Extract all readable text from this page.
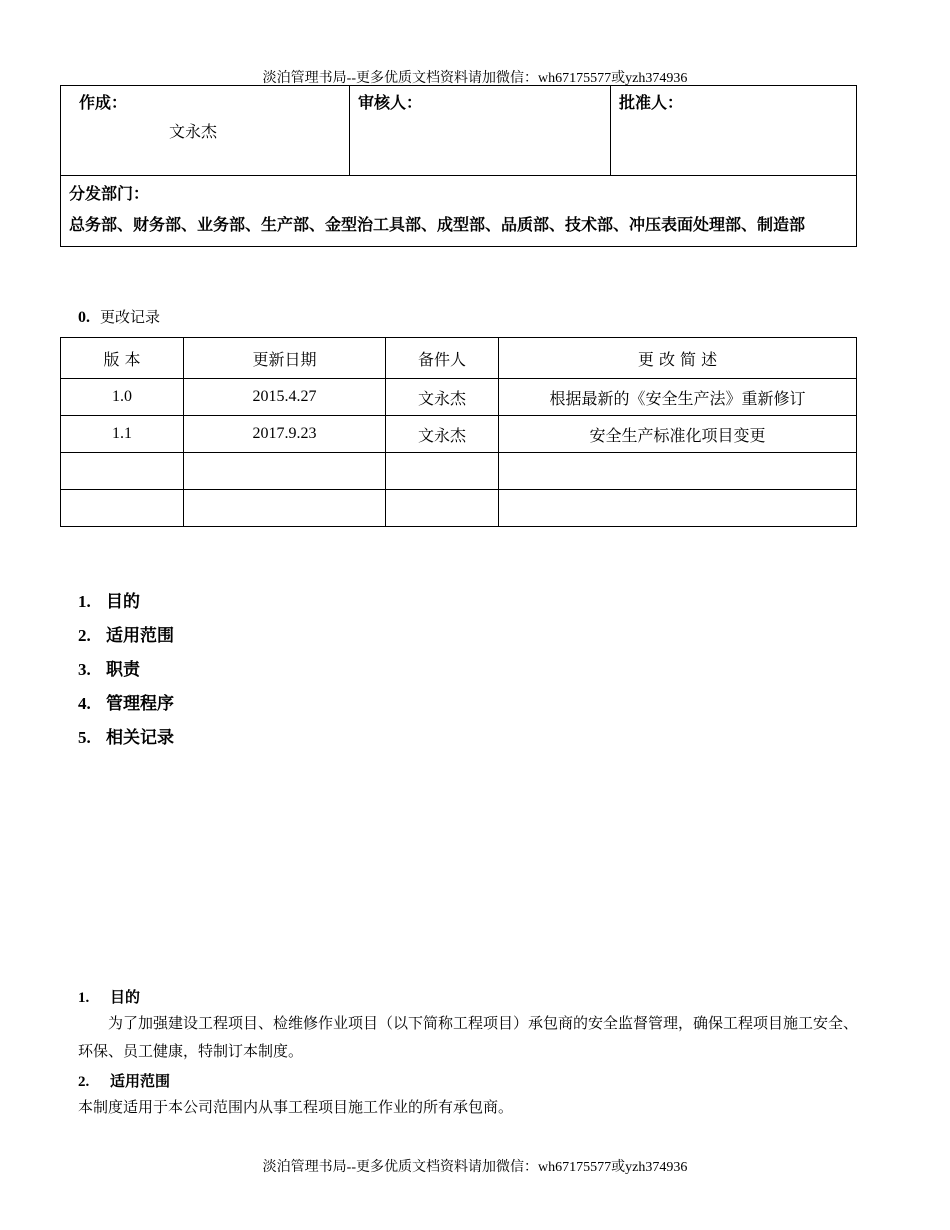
淡泊管理书局--更多优质文档资料请加微信：wh67175577或yzh374936
作成：
文永杰

审核人：	批准人：

分发部门：
总务部、财务部、业务部、生产部、金型治工具部、成型部、品质部、技术部、冲压表面处理部、制造部
0. 更改记录
版 本	更新日期	备件人	更 改 简 述
1.0	2015.4.27	文永杰	根据最新的《安全生产法》重新修订
1.1	2017.9.23	文永杰	安全生产标准化项目变更

1. 目的
2. 适用范围
3. 职责
4. 管理程序
5. 相关记录
1. 目的
为了加强建设工程项目、检维修作业项目（以下简称工程项目）承包商的安全监督管理，确保工程项目施工安全、环保、员工健康，特制订本制度。
2. 适用范围
本制度适用于本公司范围内从事工程项目施工作业的所有承包商。
淡泊管理书局--更多优质文档资料请加微信：wh67175577或yzh374936
